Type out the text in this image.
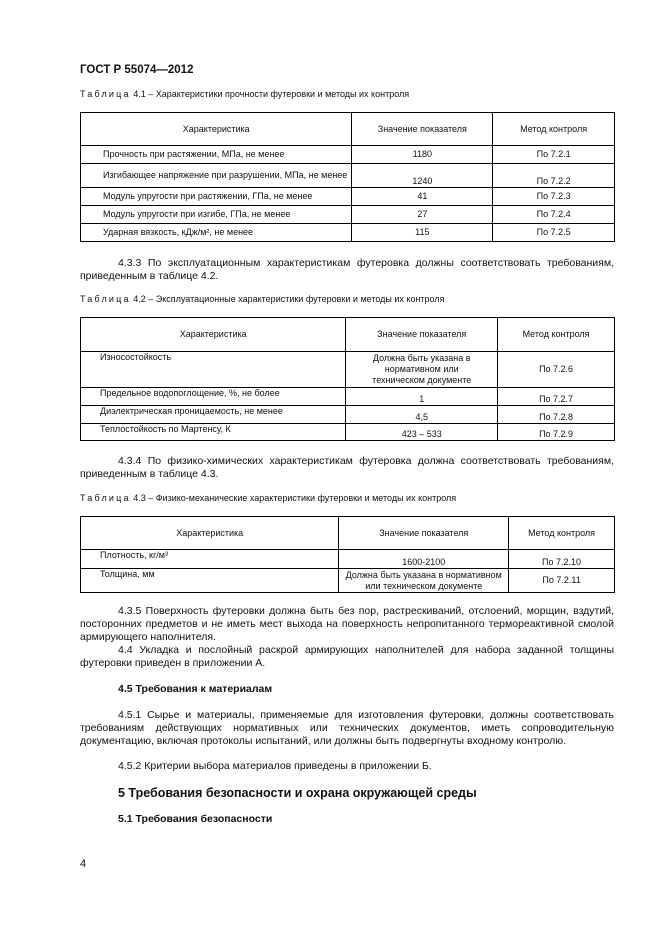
ГОСТ Р 55074—2012
Таблица 4.1 – Характеристики прочности футеровки и методы их контроля
Характеристика	Значение показателя	Метод контроля
Прочность при растяжении, МПа, не менее	1180	По 7.2.1
Изгибающее напряжение при разрушении, МПа, не менее	1240	По 7.2.2
Модуль упругости при растяжении, ГПа, не менее	41	По 7.2.3
Модуль упругости при изгибе, ГПа, не менее	27	По 7.2.4
Ударная вязкость, кДж/м², не менее	115	По 7.2.5
4.3.3 По эксплуатационным характеристикам футеровка должны соответствовать требованиям, приведенным в таблице 4.2.
Таблица 4.2 – Эксплуатационные характеристики футеровки и методы их контроля
Характеристика	Значение показателя	Метод контроля
Износостойкость	Должна быть указана в нормативном или техническом документе	По 7.2.6
Предельное водопоглощение, %, не более	1	По 7.2.7
Диэлектрическая проницаемость, не менее	4,5	По 7.2.8
Теплостойкость по Мартенсу, К	423 – 533	По 7.2.9
4.3.4 По физико-химических характеристикам футеровка должна соответствовать требованиям, приведенным в таблице 4.3.
Таблица 4.3 – Физико-механические характеристики футеровки и методы их контроля
Характеристика	Значение показателя	Метод контроля
Плотность, кг/м³	1600-2100	По 7.2.10
Толщина, мм	Должна быть указана в нормативном или техническом документе	По 7.2.11
4.3.5 Поверхность футеровки должна быть без пор, растрескиваний, отслоений, морщин, вздутий, посторонних предметов и не иметь мест выхода на поверхность непропитанного термореактивной смолой армирующего наполнителя.
4.4 Укладка и послойный раскрой армирующих наполнителей для набора заданной толщины футеровки приведен в приложении А.
4.5 Требования к материалам
4.5.1 Сырье и материалы, применяемые для изготовления футеровки, должны соответствовать требованиям действующих нормативных или технических документов, иметь сопроводительную документацию, включая протоколы испытаний, или должны быть подвергнуты входному контролю.
4.5.2 Критерии выбора материалов приведены в приложении Б.
5 Требования безопасности и охрана окружающей среды
5.1 Требования безопасности
4
